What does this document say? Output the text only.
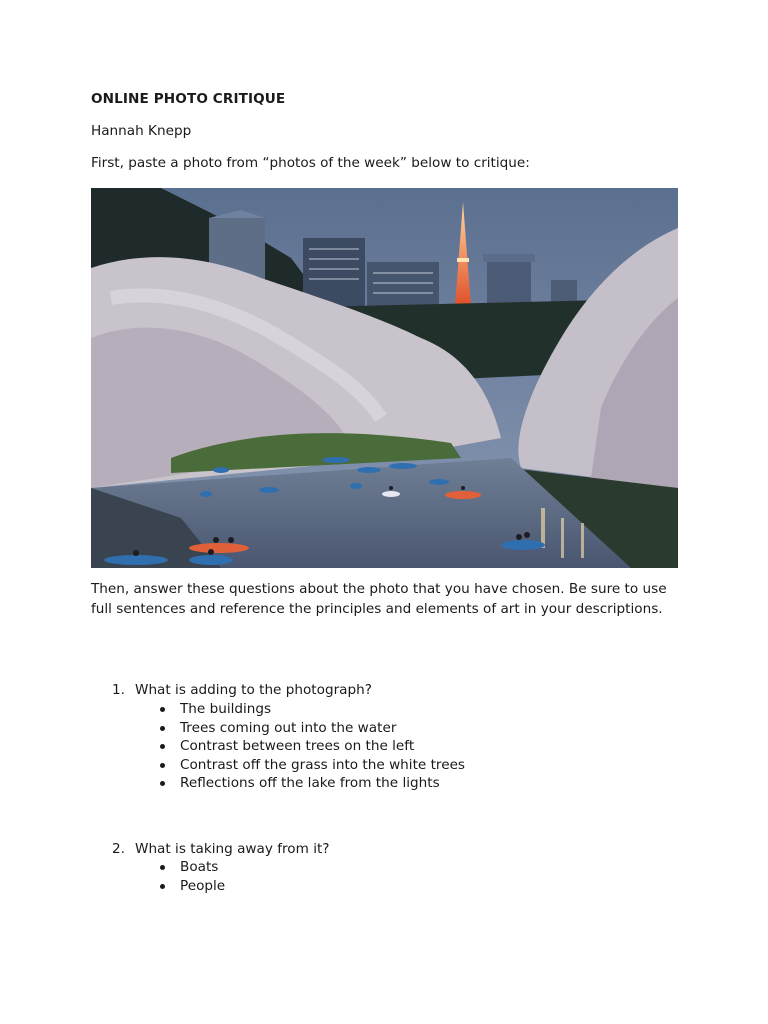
ONLINE PHOTO CRITIQUE
Hannah Knepp
First, paste a photo from “photos of the week” below to critique:
Then, answer these questions about the photo that you have chosen. Be sure to use full sentences and reference the principles and elements of art in your descriptions.
1. What is adding to the photograph?
The buildings
Trees coming out into the water
Contrast between trees on the left
Contrast off the grass into the white trees
Reflections off the lake from the lights
2. What is taking away from it?
Boats
People
